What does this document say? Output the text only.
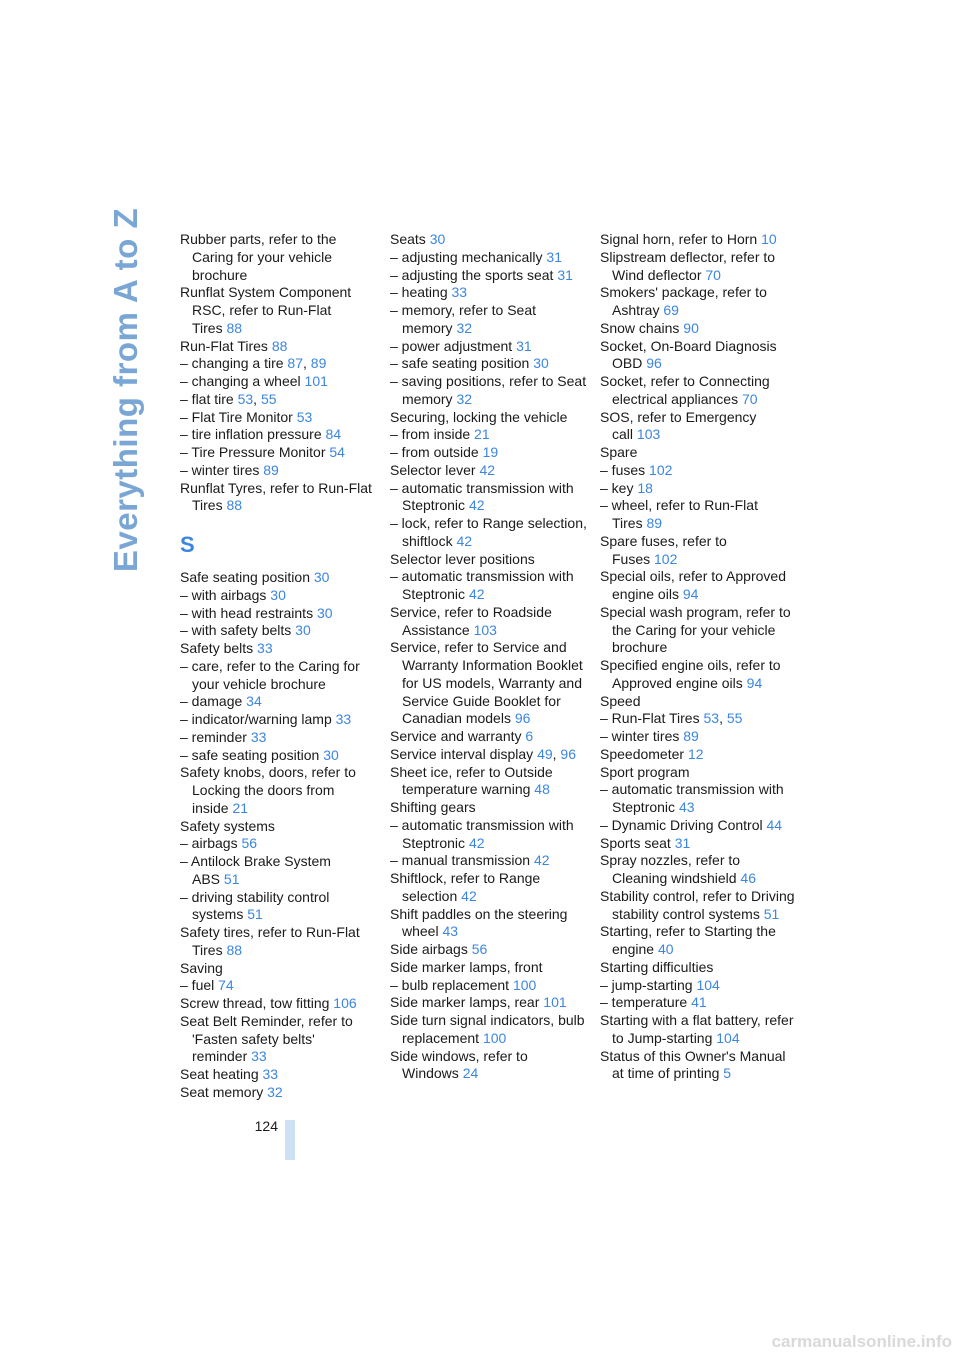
Everything from A to Z	Rubber parts, refer to the Caring for your vehicle brochure
Runflat System Component RSC, refer to Run-Flat Tires 88
Run-Flat Tires 88
– changing a tire 87, 89
– changing a wheel 101
– flat tire 53, 55
– Flat Tire Monitor 53
– tire inflation pressure 84
– Tire Pressure Monitor 54
– winter tires 89
Runflat Tyres, refer to Run-Flat Tires 88
S
Safe seating position 30
– with airbags 30
– with head restraints 30
– with safety belts 30
Safety belts 33
– care, refer to the Caring for your vehicle brochure
– damage 34
– indicator/warning lamp 33
– reminder 33
– safe seating position 30
Safety knobs, doors, refer to Locking the doors from inside 21
Safety systems
– airbags 56
– Antilock Brake System ABS 51
– driving stability control systems 51
Safety tires, refer to Run-Flat Tires 88
Saving
– fuel 74
Screw thread, tow fitting 106
Seat Belt Reminder, refer to 'Fasten safety belts' reminder 33
Seat heating 33
Seat memory 32
Seats 30
– adjusting mechanically 31
– adjusting the sports seat 31
– heating 33
– memory, refer to Seat memory 32
– power adjustment 31
– safe seating position 30
– saving positions, refer to Seat memory 32
Securing, locking the vehicle
– from inside 21
– from outside 19
Selector lever 42
– automatic transmission with Steptronic 42
– lock, refer to Range selection, shiftlock 42
Selector lever positions
– automatic transmission with Steptronic 42
Service, refer to Roadside Assistance 103
Service, refer to Service and Warranty Information Booklet for US models, Warranty and Service Guide Booklet for Canadian models 96
Service and warranty 6
Service interval display 49, 96
Sheet ice, refer to Outside temperature warning 48
Shifting gears
– automatic transmission with Steptronic 42
– manual transmission 42
Shiftlock, refer to Range selection 42
Shift paddles on the steering wheel 43
Side airbags 56
Side marker lamps, front
– bulb replacement 100
Side marker lamps, rear 101
Side turn signal indicators, bulb replacement 100
Side windows, refer to Windows 24
Signal horn, refer to Horn 10
Slipstream deflector, refer to Wind deflector 70
Smokers' package, refer to Ashtray 69
Snow chains 90
Socket, On-Board Diagnosis OBD 96
Socket, refer to Connecting electrical appliances 70
SOS, refer to Emergency call 103
Spare
– fuses 102
– key 18
– wheel, refer to Run-Flat Tires 89
Spare fuses, refer to Fuses 102
Special oils, refer to Approved engine oils 94
Special wash program, refer to the Caring for your vehicle brochure
Specified engine oils, refer to Approved engine oils 94
Speed
– Run-Flat Tires 53, 55
– winter tires 89
Speedometer 12
Sport program
– automatic transmission with Steptronic 43
– Dynamic Driving Control 44
Sports seat 31
Spray nozzles, refer to Cleaning windshield 46
Stability control, refer to Driving stability control systems 51
Starting, refer to Starting the engine 40
Starting difficulties
– jump-starting 104
– temperature 41
Starting with a flat battery, refer to Jump-starting 104
Status of this Owner's Manual at time of printing 5
124
carmanualsonline.info
